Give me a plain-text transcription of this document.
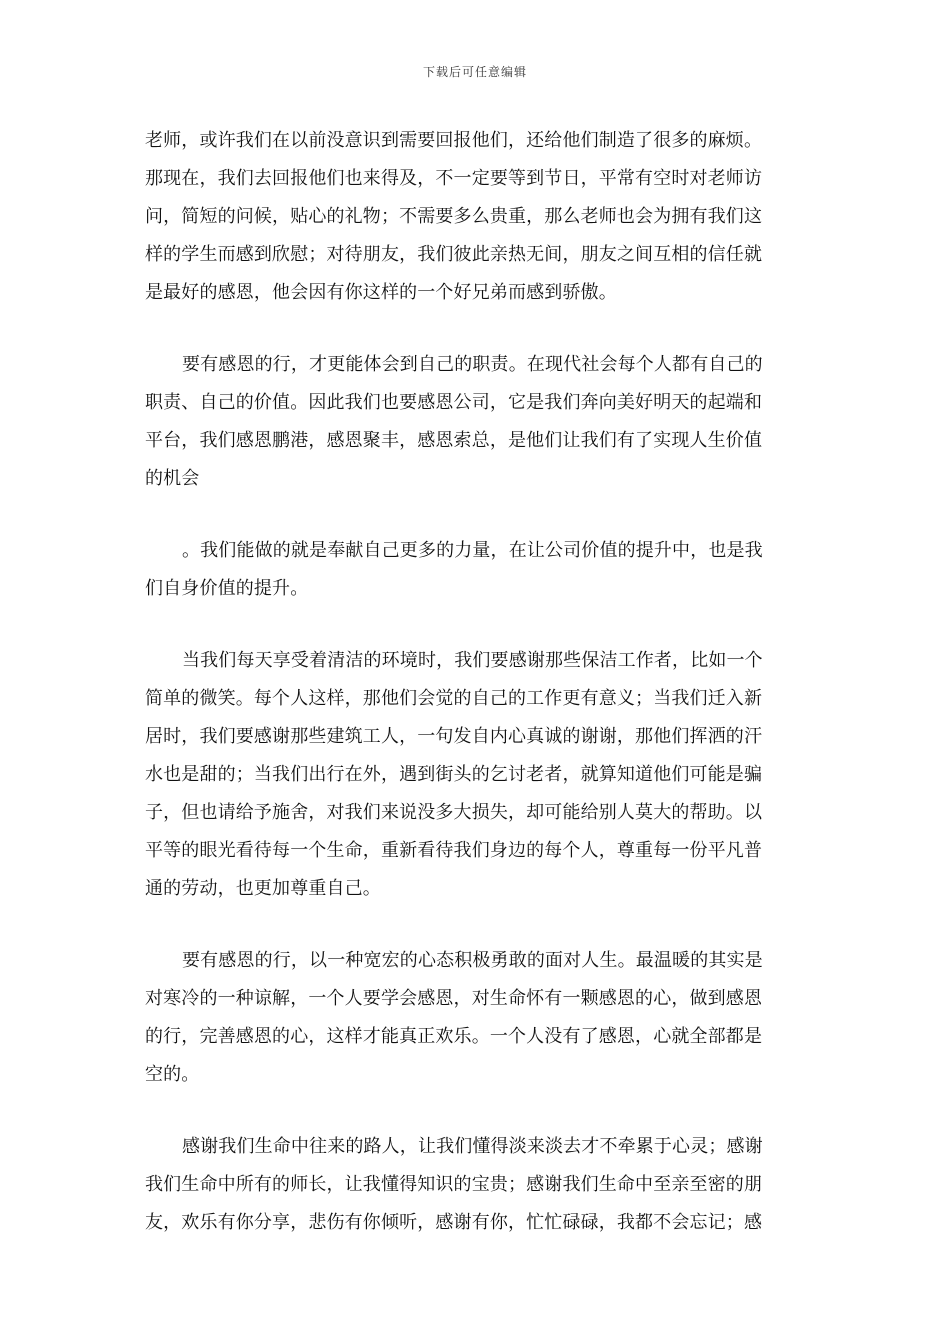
下载后可任意编辑
老师，或许我们在以前没意识到需要回报他们，还给他们制造了很多的麻烦。
那现在，我们去回报他们也来得及，不一定要等到节日，平常有空时对老师访
问，简短的问候，贴心的礼物；不需要多么贵重，那么老师也会为拥有我们这
样的学生而感到欣慰；对待朋友，我们彼此亲热无间，朋友之间互相的信任就
是最好的感恩，他会因有你这样的一个好兄弟而感到骄傲。
要有感恩的行，才更能体会到自己的职责。在现代社会每个人都有自己的
职责、自己的价值。因此我们也要感恩公司，它是我们奔向美好明天的起端和
平台，我们感恩鹏港，感恩聚丰，感恩索总，是他们让我们有了实现人生价值
的机会
。我们能做的就是奉献自己更多的力量，在让公司价值的提升中，也是我
们自身价值的提升。
当我们每天享受着清洁的环境时，我们要感谢那些保洁工作者，比如一个
简单的微笑。每个人这样，那他们会觉的自己的工作更有意义；当我们迁入新
居时，我们要感谢那些建筑工人，一句发自内心真诚的谢谢，那他们挥洒的汗
水也是甜的；当我们出行在外，遇到街头的乞讨老者，就算知道他们可能是骗
子，但也请给予施舍，对我们来说没多大损失，却可能给别人莫大的帮助。以
平等的眼光看待每一个生命，重新看待我们身边的每个人，尊重每一份平凡普
通的劳动，也更加尊重自己。
要有感恩的行，以一种宽宏的心态积极勇敢的面对人生。最温暖的其实是
对寒冷的一种谅解，一个人要学会感恩，对生命怀有一颗感恩的心，做到感恩
的行，完善感恩的心，这样才能真正欢乐。一个人没有了感恩，心就全部都是
空的。
感谢我们生命中往来的路人，让我们懂得淡来淡去才不牵累于心灵；感谢
我们生命中所有的师长，让我懂得知识的宝贵；感谢我们生命中至亲至密的朋
友，欢乐有你分享，悲伤有你倾听，感谢有你，忙忙碌碌，我都不会忘记；感
